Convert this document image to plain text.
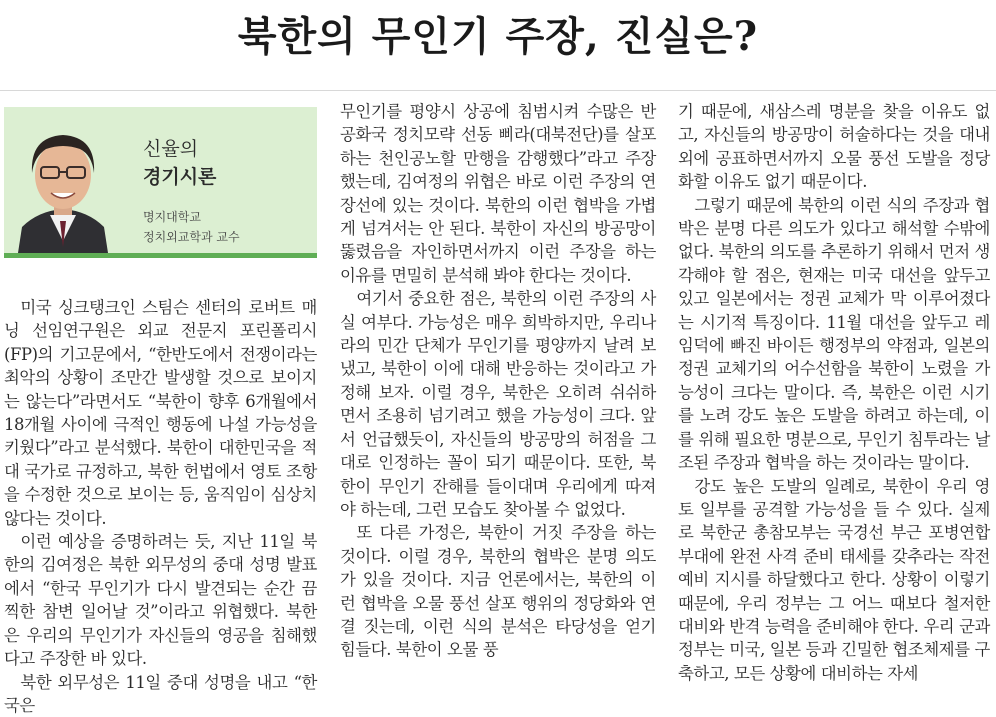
북한의 무인기 주장, 진실은?
신율의
경기시론
명지대학교
정치외교학과 교수

미국 싱크탱크인 스팀슨 센터의 로버트 매닝 선임연구원은 외교 전문지 포린폴리시(FP)의 기고문에서, “한반도에서 전쟁이라는 최악의 상황이 조만간 발생할 것으로 보이지는 않는다”라면서도 “북한이 향후 6개월에서 18개월 사이에 극적인 행동에 나설 가능성을 키웠다”라고 분석했다. 북한이 대한민국을 적대 국가로 규정하고, 북한 헌법에서 영토 조항을 수정한 것으로 보이는 등, 움직임이 심상치 않다는 것이다.

이런 예상을 증명하려는 듯, 지난 11일 북한의 김여정은 북한 외무성의 중대 성명 발표에서 “한국 무인기가 다시 발견되는 순간 끔찍한 참변 일어날 것”이라고 위협했다. 북한은 우리의 무인기가 자신들의 영공을 침해했다고 주장한 바 있다.

북한 외무성은 11일 중대 성명을 내고 “한국은

무인기를 평양시 상공에 침범시켜 수많은 반공화국 정치모략 선동 삐라(대북전단)를 살포하는 천인공노할 만행을 감행했다”라고 주장했는데, 김여정의 위협은 바로 이런 주장의 연장선에 있는 것이다. 북한의 이런 협박을 가볍게 넘겨서는 안 된다. 북한이 자신의 방공망이 뚫렸음을 자인하면서까지 이런 주장을 하는 이유를 면밀히 분석해 봐야 한다는 것이다.

여기서 중요한 점은, 북한의 이런 주장의 사실 여부다. 가능성은 매우 희박하지만, 우리나라의 민간 단체가 무인기를 평양까지 날려 보냈고, 북한이 이에 대해 반응하는 것이라고 가정해 보자. 이럴 경우, 북한은 오히려 쉬쉬하면서 조용히 넘기려고 했을 가능성이 크다. 앞서 언급했듯이, 자신들의 방공망의 허점을 그대로 인정하는 꼴이 되기 때문이다. 또한, 북한이 무인기 잔해를 들이대며 우리에게 따져야 하는데, 그런 모습도 찾아볼 수 없었다.

또 다른 가정은, 북한이 거짓 주장을 하는 것이다. 이럴 경우, 북한의 협박은 분명 의도가 있을 것이다. 지금 언론에서는, 북한의 이런 협박을 오물 풍선 살포 행위의 정당화와 연결 짓는데, 이런 식의 분석은 타당성을 얻기 힘들다. 북한이 오물 풍

기 때문에, 새삼스레 명분을 찾을 이유도 없고, 자신들의 방공망이 허술하다는 것을 대내외에 공표하면서까지 오물 풍선 도발을 정당화할 이유도 없기 때문이다.

그렇기 때문에 북한의 이런 식의 주장과 협박은 분명 다른 의도가 있다고 해석할 수밖에 없다. 북한의 의도를 추론하기 위해서 먼저 생각해야 할 점은, 현재는 미국 대선을 앞두고 있고 일본에서는 정권 교체가 막 이루어졌다는 시기적 특징이다. 11월 대선을 앞두고 레임덕에 빠진 바이든 행정부의 약점과, 일본의 정권 교체기의 어수선함을 북한이 노렸을 가능성이 크다는 말이다. 즉, 북한은 이런 시기를 노려 강도 높은 도발을 하려고 하는데, 이를 위해 필요한 명분으로, 무인기 침투라는 날조된 주장과 협박을 하는 것이라는 말이다.

강도 높은 도발의 일례로, 북한이 우리 영토 일부를 공격할 가능성을 들 수 있다. 실제로 북한군 총참모부는 국경선 부근 포병연합부대에 완전 사격 준비 태세를 갖추라는 작전 예비 지시를 하달했다고 한다. 상황이 이렇기 때문에, 우리 정부는 그 어느 때보다 철저한 대비와 반격 능력을 준비해야 한다. 우리 군과 정부는 미국, 일본 등과 긴밀한 협조체제를 구축하고, 모든 상황에 대비하는 자세
